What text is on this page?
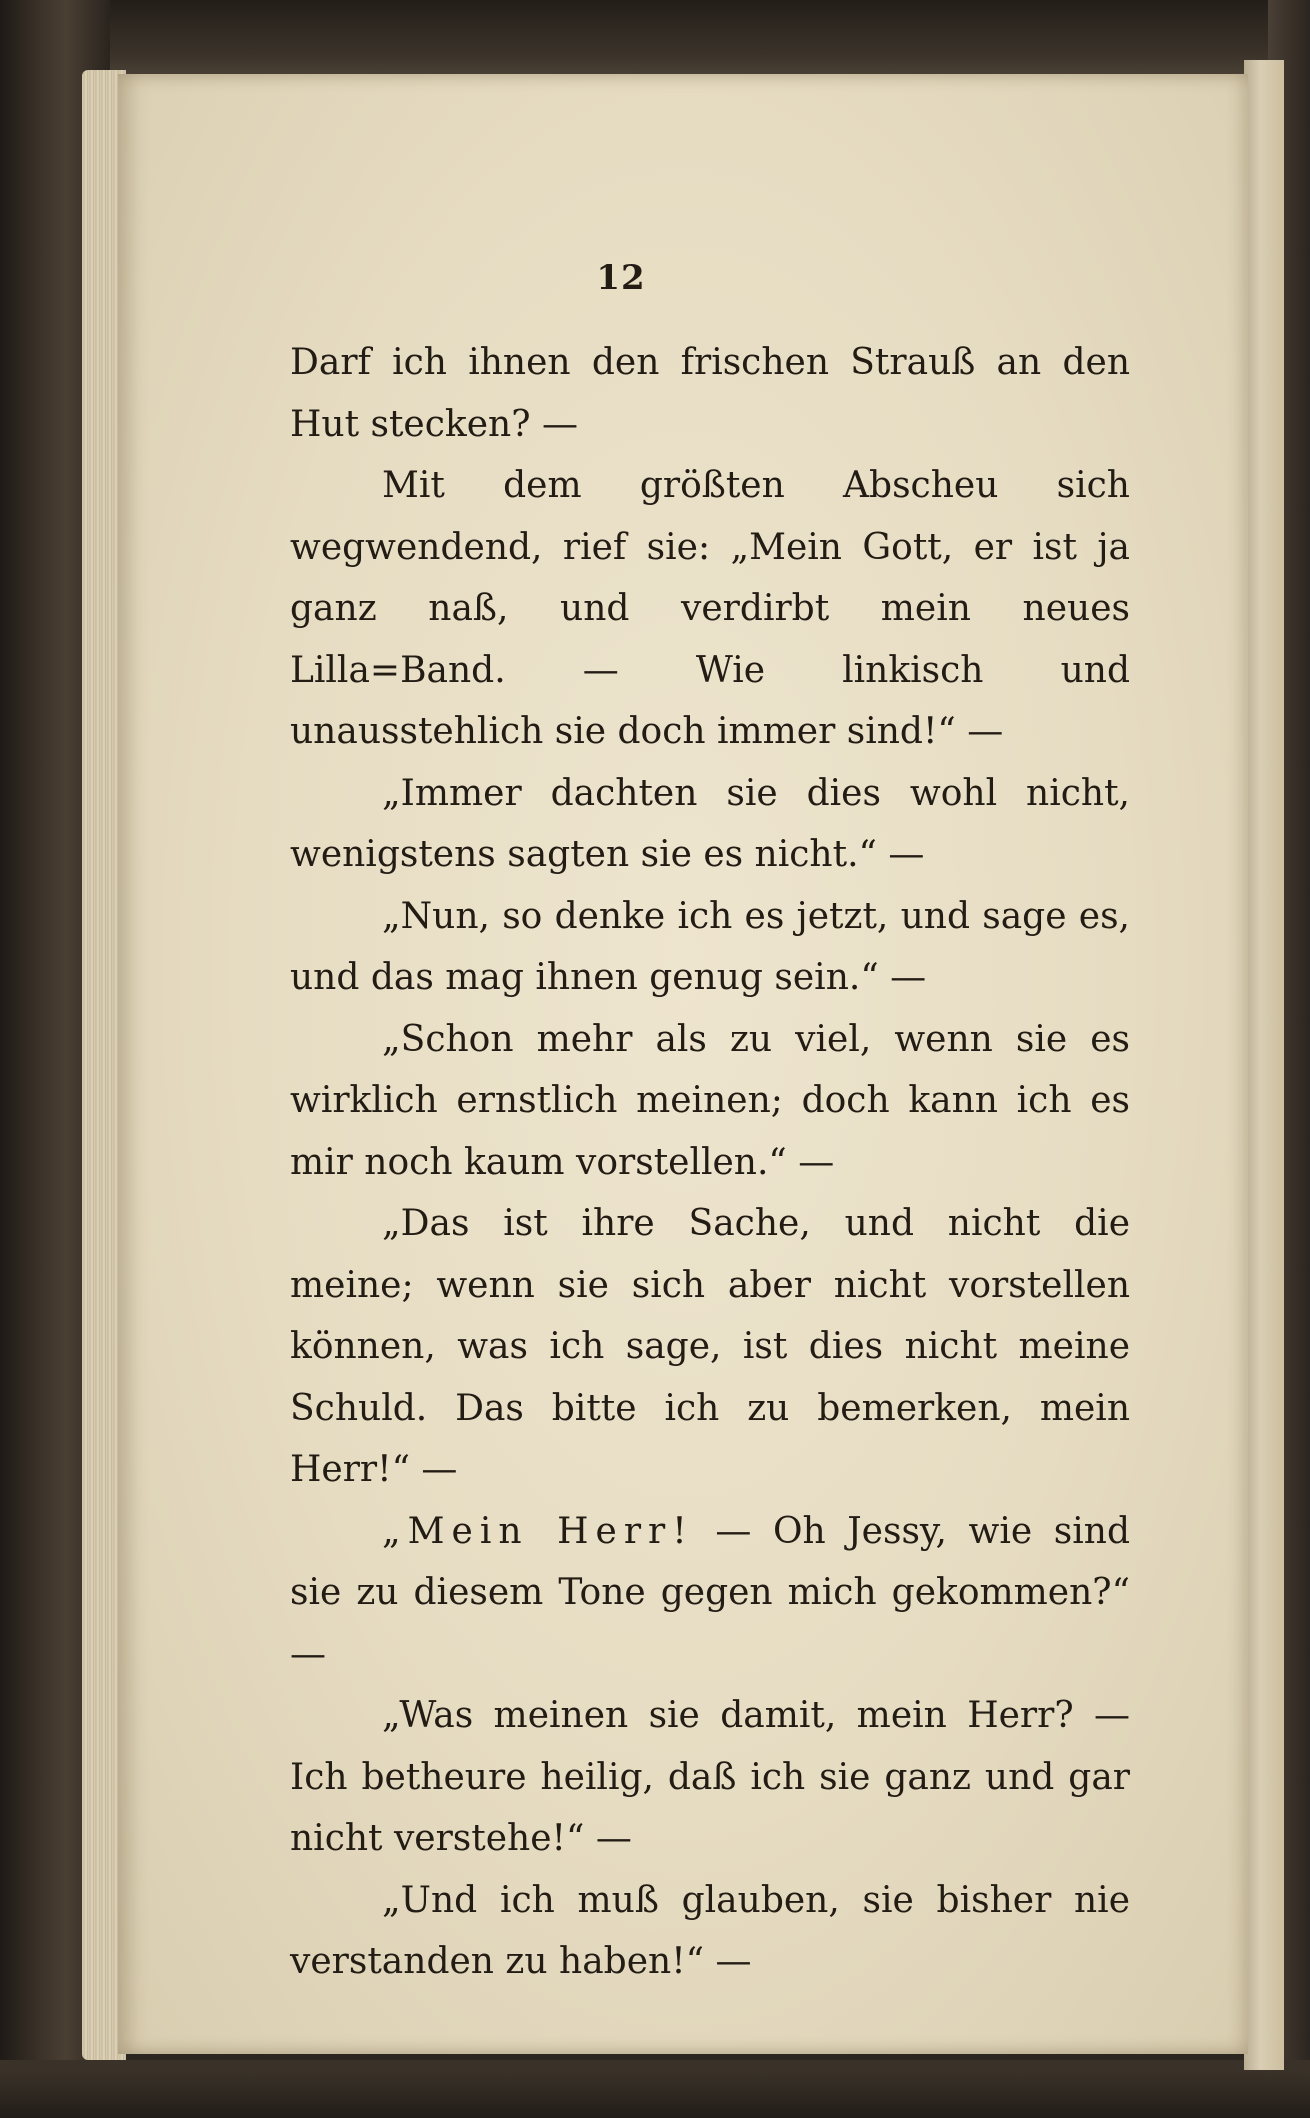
12

Darf ich ihnen den frischen Strauß an den Hut stecken? —

Mit dem größten Abscheu sich wegwendend, rief sie: „Mein Gott, er ist ja ganz naß, und verdirbt mein neues Lilla=Band. — Wie linkisch und unausstehlich sie doch immer sind!“ —

„Immer dachten sie dies wohl nicht, wenigstens sagten sie es nicht.“ —

„Nun, so denke ich es jetzt, und sage es, und das mag ihnen genug sein.“ —

„Schon mehr als zu viel, wenn sie es wirklich ernstlich meinen; doch kann ich es mir noch kaum vorstellen.“ —

„Das ist ihre Sache, und nicht die meine; wenn sie sich aber nicht vorstellen können, was ich sage, ist dies nicht meine Schuld. Das bitte ich zu bemerken, mein Herr!“ —

„Mein Herr! — Oh Jessy, wie sind sie zu diesem Tone gegen mich gekommen?“ —

„Was meinen sie damit, mein Herr? — Ich betheure heilig, daß ich sie ganz und gar nicht verstehe!“ —

„Und ich muß glauben, sie bisher nie verstanden zu haben!“ —
